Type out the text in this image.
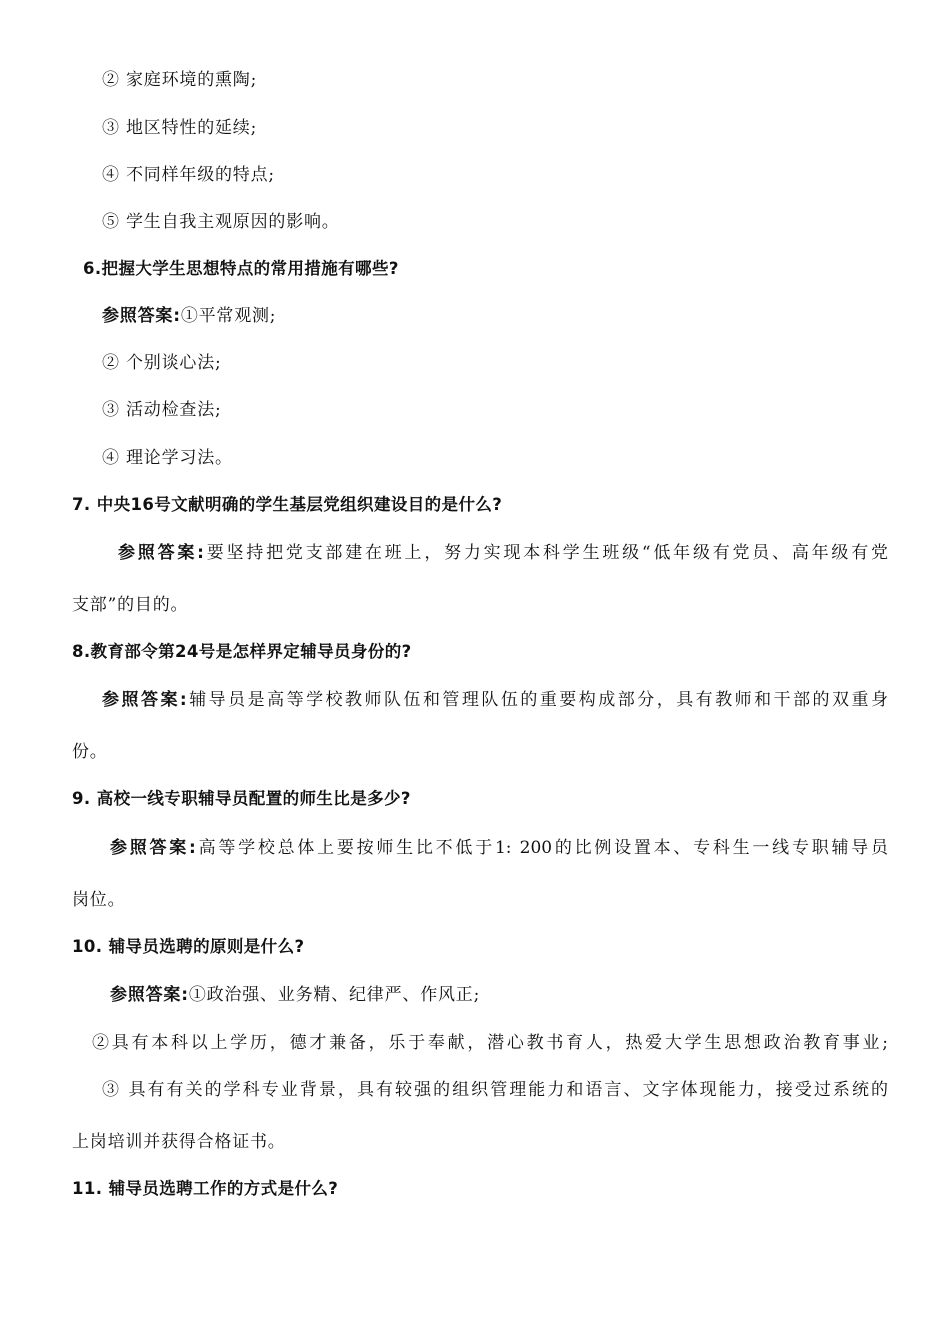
② 家庭环境的熏陶;
③ 地区特性的延续;
④ 不同样年级的特点;
⑤ 学生自我主观原因的影响。
6.把握大学生思想特点的常用措施有哪些?
参照答案:①平常观测;
② 个别谈心法;
③ 活动检查法;
④ 理论学习法。
7. 中央16号文献明确的学生基层党组织建设目的是什么?
参照答案:要坚持把党支部建在班上，努力实现本科学生班级“低年级有党员、高年级有党
支部”的目的。
8.教育部令第24号是怎样界定辅导员身份的?
参照答案:辅导员是高等学校教师队伍和管理队伍的重要构成部分，具有教师和干部的双重身
份。
9. 高校一线专职辅导员配置的师生比是多少?
参照答案:高等学校总体上要按师生比不低于1: 200的比例设置本、专科生一线专职辅导员
岗位。
10. 辅导员选聘的原则是什么?
参照答案:①政治强、业务精、纪律严、作风正;
②具有本科以上学历，德才兼备，乐于奉献，潜心教书育人，热爱大学生思想政治教育事业;
③ 具有有关的学科专业背景，具有较强的组织管理能力和语言、文字体现能力，接受过系统的
上岗培训并获得合格证书。
11. 辅导员选聘工作的方式是什么?
